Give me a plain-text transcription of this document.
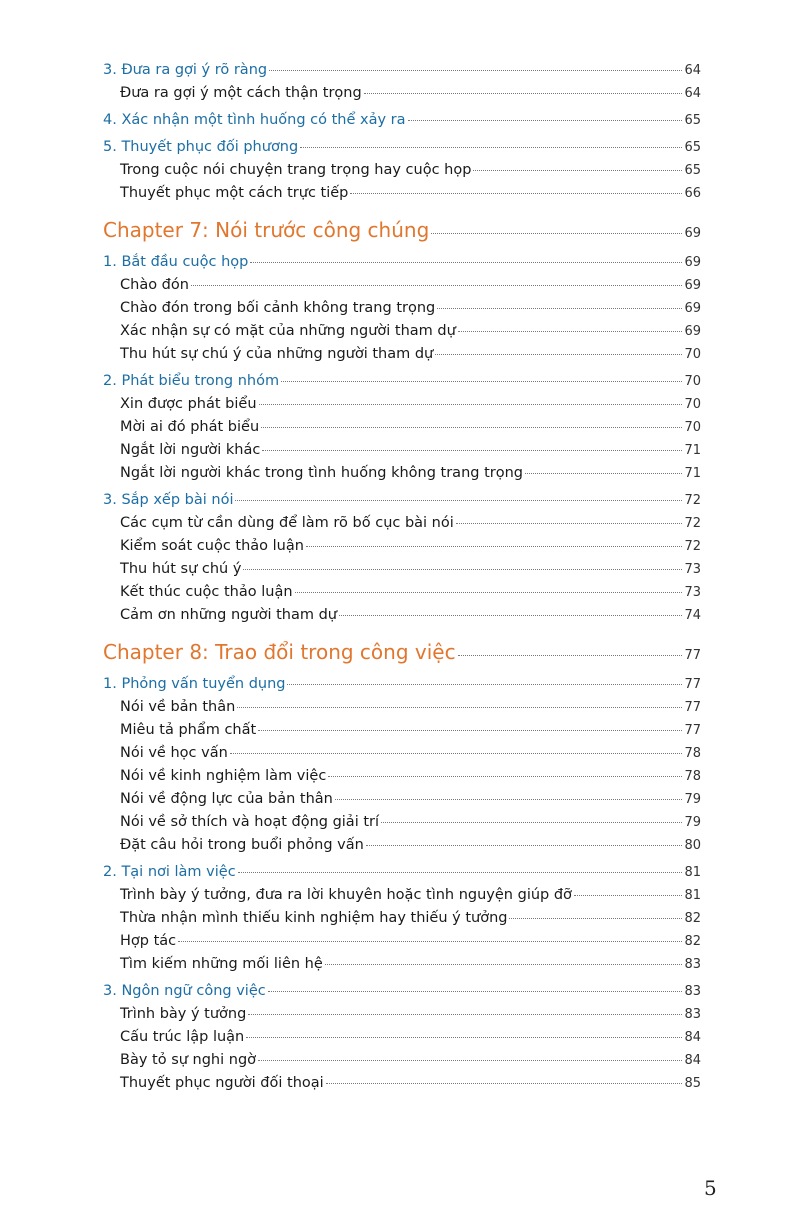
3. Đưa ra gợi ý rõ ràng	64
Đưa ra gợi ý một cách thận trọng	64
4. Xác nhận một tình huống có thể xảy ra	65
5. Thuyết phục đối phương	65
Trong cuộc nói chuyện trang trọng hay cuộc họp	65
Thuyết phục một cách trực tiếp	66
Chapter 7: Nói trước công chúng	69
1. Bắt đầu cuộc họp	69
Chào đón	69
Chào đón trong bối cảnh không trang trọng	69
Xác nhận sự có mặt của những người tham dự	69
Thu hút sự chú ý của những người tham dự	70
2. Phát biểu trong nhóm	70
Xin được phát biểu	70
Mời ai đó phát biểu	70
Ngắt lời người khác	71
Ngắt lời người khác trong tình huống không trang trọng	71
3. Sắp xếp bài nói	72
Các cụm từ cần dùng để làm rõ bố cục bài nói	72
Kiểm soát cuộc thảo luận	72
Thu hút sự chú ý	73
Kết thúc cuộc thảo luận	73
Cảm ơn những người tham dự	74
Chapter 8: Trao đổi trong công việc	77
1. Phỏng vấn tuyển dụng	77
Nói về bản thân	77
Miêu tả phẩm chất	77
Nói về học vấn	78
Nói về kinh nghiệm làm việc	78
Nói về động lực của bản thân	79
Nói về sở thích và hoạt động giải trí	79
Đặt câu hỏi trong buổi phỏng vấn	80
2. Tại nơi làm việc	81
Trình bày ý tưởng, đưa ra lời khuyên hoặc tình nguyện giúp đỡ	81
Thừa nhận mình thiếu kinh nghiệm hay thiếu ý tưởng	82
Hợp tác	82
Tìm kiếm những mối liên hệ	83
3. Ngôn ngữ công việc	83
Trình bày ý tưởng	83
Cấu trúc lập luận	84
Bày tỏ sự nghi ngờ	84
Thuyết phục người đối thoại	85
5
